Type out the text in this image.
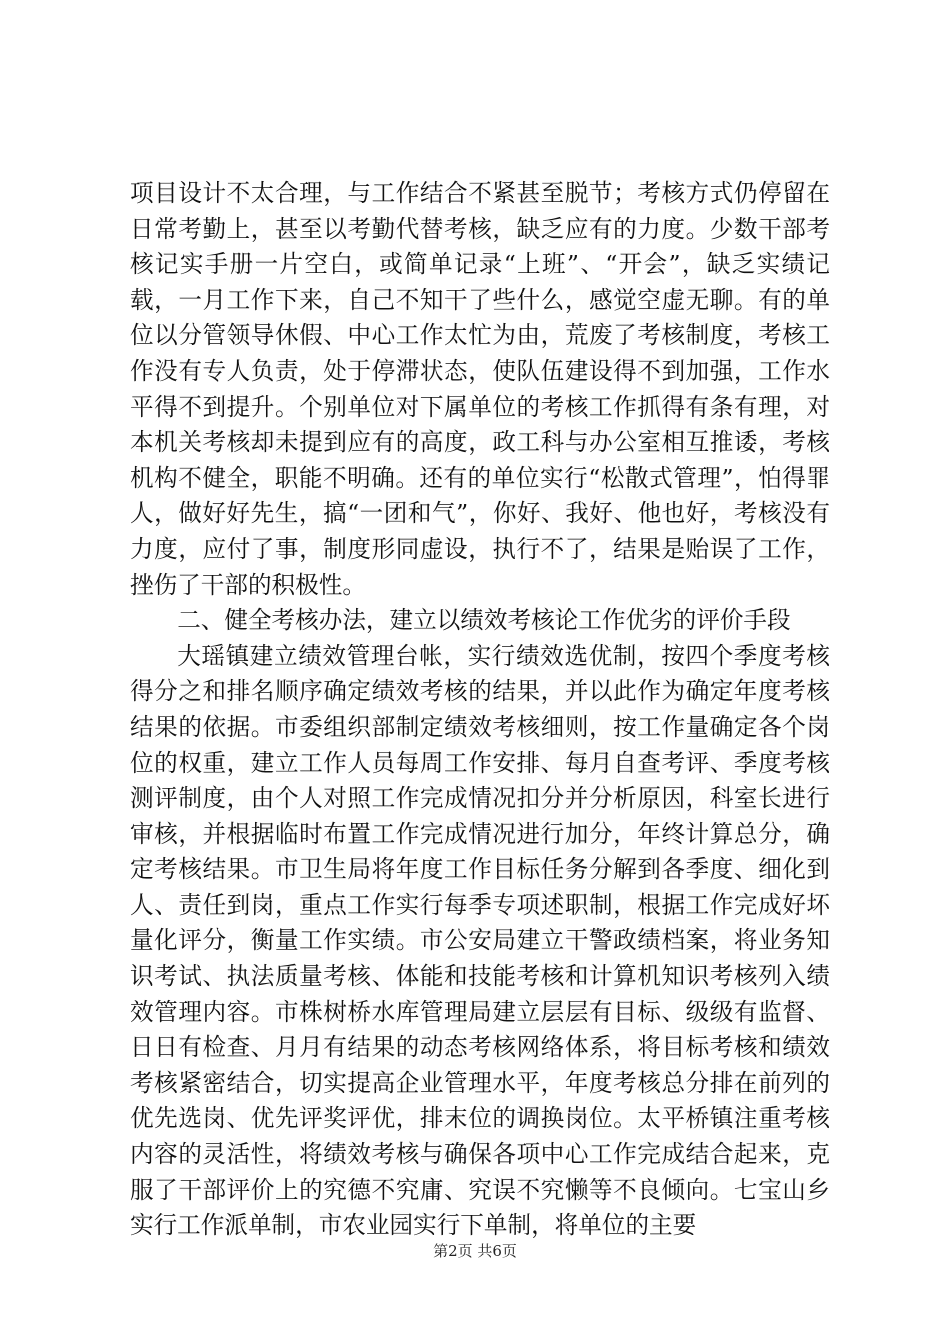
项目设计不太合理，与工作结合不紧甚至脱节；考核方式仍停留在日常考勤上，甚至以考勤代替考核，缺乏应有的力度。少数干部考核记实手册一片空白，或简单记录“上班”、“开会”，缺乏实绩记载，一月工作下来，自己不知干了些什么，感觉空虚无聊。有的单位以分管领导休假、中心工作太忙为由，荒废了考核制度，考核工作没有专人负责，处于停滞状态，使队伍建设得不到加强，工作水平得不到提升。个别单位对下属单位的考核工作抓得有条有理，对本机关考核却未提到应有的高度，政工科与办公室相互推诿，考核机构不健全，职能不明确。还有的单位实行“松散式管理”，怕得罪人，做好好先生，搞“一团和气”，你好、我好、他也好，考核没有力度，应付了事，制度形同虚设，执行不了，结果是贻误了工作，挫伤了干部的积极性。

二、健全考核办法，建立以绩效考核论工作优劣的评价手段

大瑶镇建立绩效管理台帐，实行绩效选优制，按四个季度考核得分之和排名顺序确定绩效考核的结果，并以此作为确定年度考核结果的依据。市委组织部制定绩效考核细则，按工作量确定各个岗位的权重，建立工作人员每周工作安排、每月自查考评、季度考核测评制度，由个人对照工作完成情况扣分并分析原因，科室长进行审核，并根据临时布置工作完成情况进行加分，年终计算总分，确定考核结果。市卫生局将年度工作目标任务分解到各季度、细化到人、责任到岗，重点工作实行每季专项述职制，根据工作完成好坏量化评分，衡量工作实绩。市公安局建立干警政绩档案，将业务知识考试、执法质量考核、体能和技能考核和计算机知识考核列入绩效管理内容。市株树桥水库管理局建立层层有目标、级级有监督、日日有检查、月月有结果的动态考核网络体系，将目标考核和绩效考核紧密结合，切实提高企业管理水平，年度考核总分排在前列的优先选岗、优先评奖评优，排末位的调换岗位。太平桥镇注重考核内容的灵活性，将绩效考核与确保各项中心工作完成结合起来，克服了干部评价上的究德不究庸、究误不究懒等不良倾向。七宝山乡实行工作派单制，市农业园实行下单制，将单位的主要

第2页 共6页
